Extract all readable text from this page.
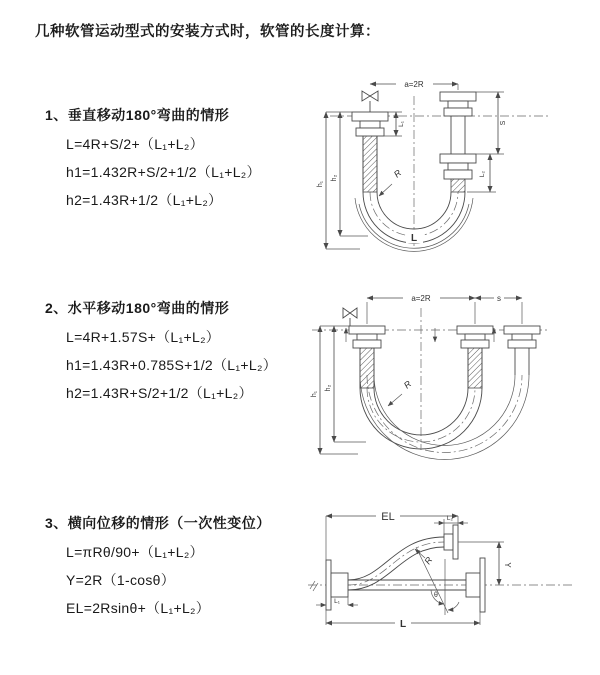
几种软管运动型式的安装方式时，软管的长度计算：
1、垂直移动180°弯曲的情形
L=4R+S/2+（L₁+L₂）
h1=1.432R+S/2+1/2（L₁+L₂）
h2=1.43R+1/2（L₁+L₂）
a=2R
h₁
h₂
L₁	S
L₂
R
L
2、水平移动180°弯曲的情形
L=4R+1.57S+（L₁+L₂）
h1=1.43R+0.785S+1/2（L₁+L₂）
h2=1.43R+S/2+1/2（L₁+L₂）
a=2R	s
h₁
h₂	R
3、横向位移的情形（一次性变位）
L=πRθ/90+（L₁+L₂）
Y=2R（1-cosθ）
EL=2Rsinθ+（L₁+L₂）
EL	L₂
Y
θ
R
L₁
L
